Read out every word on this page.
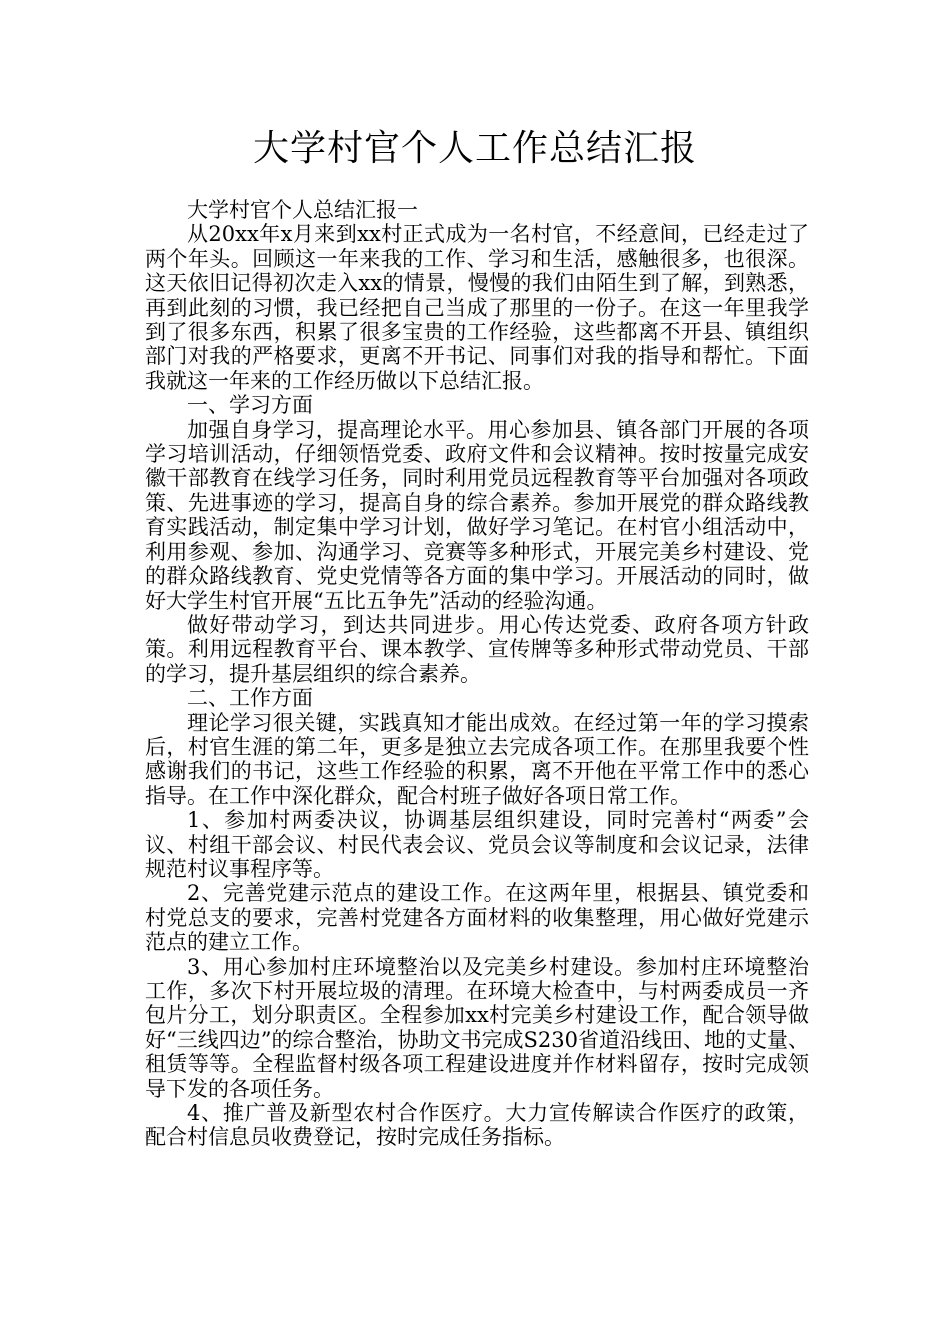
大学村官个人工作总结汇报

大学村官个人总结汇报一

从20xx年x月来到xx村正式成为一名村官，不经意间，已经走过了两个年头。回顾这一年来我的工作、学习和生活，感触很多，也很深。这天依旧记得初次走入xx的情景，慢慢的我们由陌生到了解，到熟悉，再到此刻的习惯，我已经把自己当成了那里的一份子。在这一年里我学到了很多东西，积累了很多宝贵的工作经验，这些都离不开县、镇组织部门对我的严格要求，更离不开书记、同事们对我的指导和帮忙。下面我就这一年来的工作经历做以下总结汇报。

一、学习方面

加强自身学习，提高理论水平。用心参加县、镇各部门开展的各项学习培训活动，仔细领悟党委、政府文件和会议精神。按时按量完成安徽干部教育在线学习任务，同时利用党员远程教育等平台加强对各项政策、先进事迹的学习，提高自身的综合素养。参加开展党的群众路线教育实践活动，制定集中学习计划，做好学习笔记。在村官小组活动中，利用参观、参加、沟通学习、竞赛等多种形式，开展完美乡村建设、党的群众路线教育、党史党情等各方面的集中学习。开展活动的同时，做好大学生村官开展“五比五争先”活动的经验沟通。

做好带动学习，到达共同进步。用心传达党委、政府各项方针政策。利用远程教育平台、课本教学、宣传牌等多种形式带动党员、干部的学习，提升基层组织的综合素养。

二、工作方面

理论学习很关键，实践真知才能出成效。在经过第一年的学习摸索后，村官生涯的第二年，更多是独立去完成各项工作。在那里我要个性感谢我们的书记，这些工作经验的积累，离不开他在平常工作中的悉心指导。在工作中深化群众，配合村班子做好各项日常工作。

1、参加村两委决议，协调基层组织建设，同时完善村“两委”会议、村组干部会议、村民代表会议、党员会议等制度和会议记录，法律规范村议事程序等。

2、完善党建示范点的建设工作。在这两年里，根据县、镇党委和村党总支的要求，完善村党建各方面材料的收集整理，用心做好党建示范点的建立工作。

3、用心参加村庄环境整治以及完美乡村建设。参加村庄环境整治工作，多次下村开展垃圾的清理。在环境大检查中，与村两委成员一齐包片分工，划分职责区。全程参加xx村完美乡村建设工作，配合领导做好“三线四边”的综合整治，协助文书完成S230省道沿线田、地的丈量、租赁等等。全程监督村级各项工程建设进度并作材料留存，按时完成领导下发的各项任务。

4、推广普及新型农村合作医疗。大力宣传解读合作医疗的政策，配合村信息员收费登记，按时完成任务指标。
